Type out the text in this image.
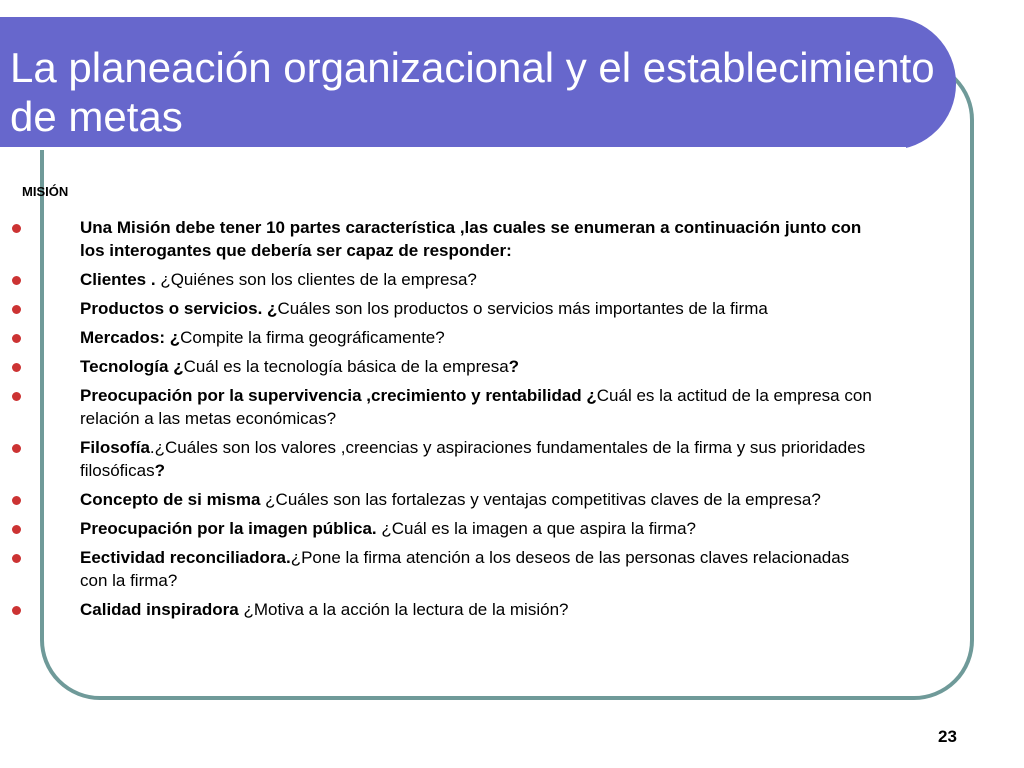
La planeación organizacional y el establecimiento de metas

MISIÓN

Una Misión debe tener 10 partes característica ,las cuales se enumeran a continuación junto con los interogantes que debería ser capaz de responder:
Clientes . ¿Quiénes son los clientes de la empresa?
Productos o servicios. ¿Cuáles son los productos o servicios más importantes de la firma
Mercados: ¿Compite la firma geográficamente?
Tecnología ¿Cuál es la tecnología básica de la empresa?
Preocupación por la supervivencia ,crecimiento y rentabilidad ¿Cuál es la actitud de la empresa con relación a las metas económicas?
Filosofía.¿Cuáles son los valores ,creencias y aspiraciones fundamentales de la firma y sus prioridades filosóficas?
Concepto de si misma ¿Cuáles son las fortalezas y ventajas competitivas claves de la empresa?
Preocupación por la imagen pública. ¿Cuál es la imagen a que aspira la firma?
Eectividad reconciliadora.¿Pone la firma atención a los deseos de las personas claves relacionadas con la firma?
Calidad inspiradora ¿Motiva a la acción la lectura de la misión?
23
